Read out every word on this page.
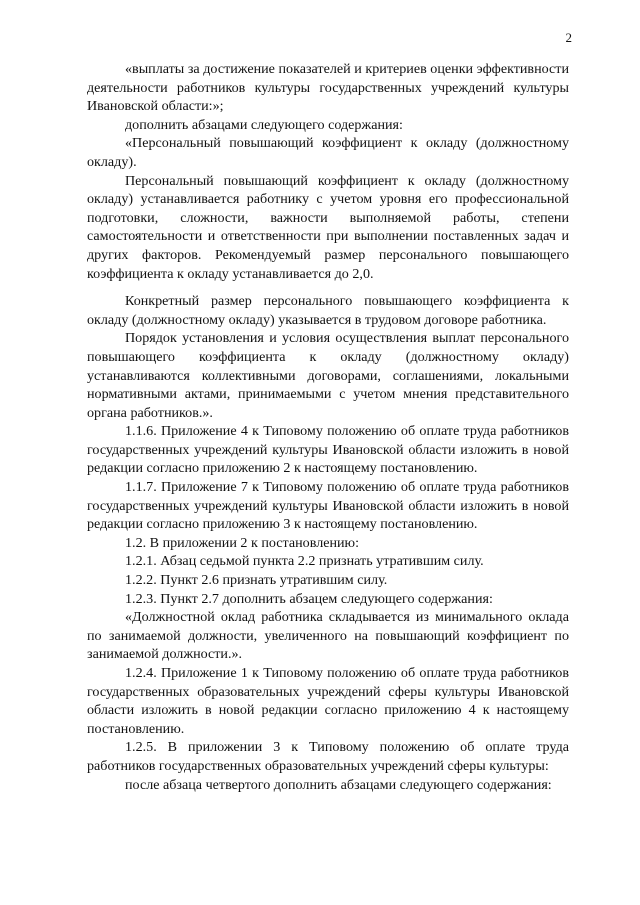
2

«выплаты за достижение показателей и критериев оценки эффективности деятельности работников культуры государственных учреждений культуры Ивановской области:»;

дополнить абзацами следующего содержания:

«Персональный повышающий коэффициент к окладу (должностному окладу).

Персональный повышающий коэффициент к окладу (должностному окладу) устанавливается работнику с учетом уровня его профессиональной подготовки, сложности, важности выполняемой работы, степени самостоятельности и ответственности при выполнении поставленных задач и других факторов. Рекомендуемый размер персонального повышающего коэффициента к окладу устанавливается до 2,0.

Конкретный размер персонального повышающего коэффициента к окладу (должностному окладу) указывается в трудовом договоре работника.

Порядок установления и условия осуществления выплат персонального повышающего коэффициента к окладу (должностному окладу) устанавливаются коллективными договорами, соглашениями, локальными нормативными актами, принимаемыми с учетом мнения представительного органа работников.».

1.1.6. Приложение 4 к Типовому положению об оплате труда работников государственных учреждений культуры Ивановской области изложить в новой редакции согласно приложению 2 к настоящему постановлению.

1.1.7. Приложение 7 к Типовому положению об оплате труда работников государственных учреждений культуры Ивановской области изложить в новой редакции согласно приложению 3 к настоящему постановлению.

1.2. В приложении 2 к постановлению:

1.2.1. Абзац седьмой пункта 2.2 признать утратившим силу.

1.2.2. Пункт 2.6 признать утратившим силу.

1.2.3. Пункт 2.7 дополнить абзацем следующего содержания:

«Должностной оклад работника складывается из минимального оклада по занимаемой должности, увеличенного на повышающий коэффициент по занимаемой должности.».

1.2.4. Приложение 1 к Типовому положению об оплате труда работников государственных образовательных учреждений сферы культуры Ивановской области изложить в новой редакции согласно приложению 4 к настоящему постановлению.

1.2.5. В приложении 3 к Типовому положению об оплате труда работников государственных образовательных учреждений сферы культуры:

после абзаца четвертого дополнить абзацами следующего содержания:
